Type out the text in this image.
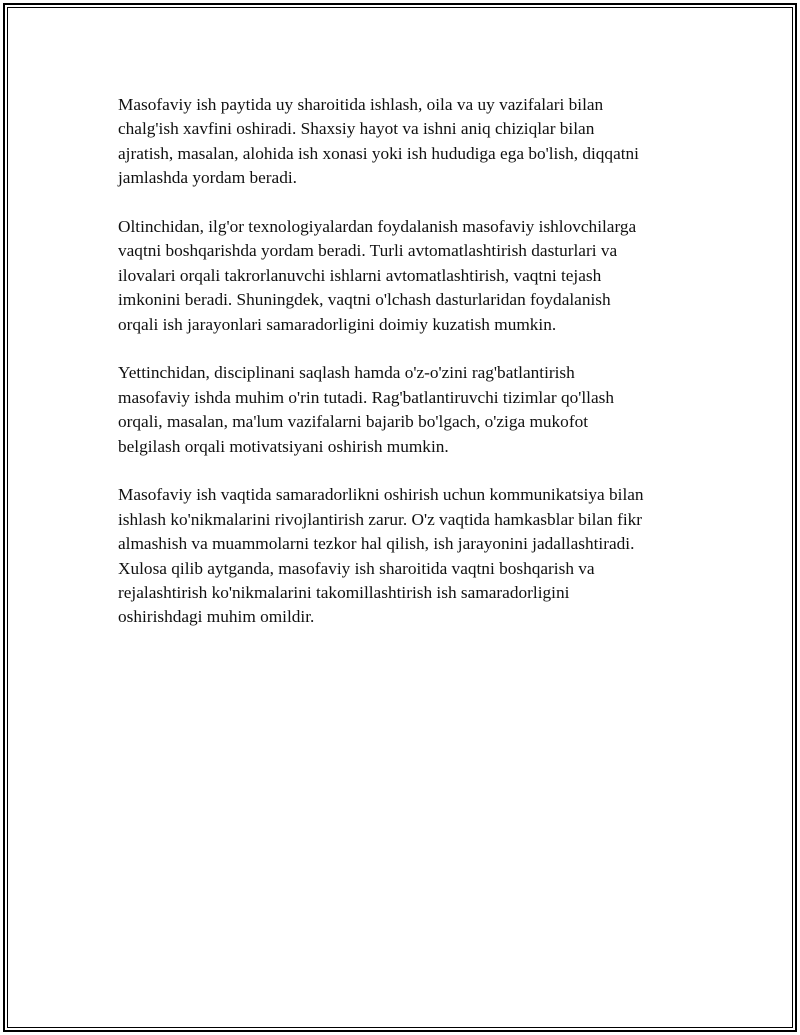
Masofaviy ish paytida uy sharoitida ishlash, oila va uy vazifalari bilan
chalg'ish xavfini oshiradi. Shaxsiy hayot va ishni aniq chiziqlar bilan
ajratish, masalan, alohida ish xonasi yoki ish hududiga ega bo'lish, diqqatni
jamlashda yordam beradi.

Oltinchidan, ilg'or texnologiyalardan foydalanish masofaviy ishlovchilarga
vaqtni boshqarishda yordam beradi. Turli avtomatlashtirish dasturlari va
ilovalari orqali takrorlanuvchi ishlarni avtomatlashtirish, vaqtni tejash
imkonini beradi. Shuningdek, vaqtni o'lchash dasturlaridan foydalanish
orqali ish jarayonlari samaradorligini doimiy kuzatish mumkin.

Yettinchidan, disciplinani saqlash hamda o'z-o'zini rag'batlantirish
masofaviy ishda muhim o'rin tutadi. Rag'batlantiruvchi tizimlar qo'llash
orqali, masalan, ma'lum vazifalarni bajarib bo'lgach, o'ziga mukofot
belgilash orqali motivatsiyani oshirish mumkin.

Masofaviy ish vaqtida samaradorlikni oshirish uchun kommunikatsiya bilan
ishlash ko'nikmalarini rivojlantirish zarur. O'z vaqtida hamkasblar bilan fikr
almashish va muammolarni tezkor hal qilish, ish jarayonini jadallashtiradi.
Xulosa qilib aytganda, masofaviy ish sharoitida vaqtni boshqarish va
rejalashtirish ko'nikmalarini takomillashtirish ish samaradorligini
oshirishdagi muhim omildir.
